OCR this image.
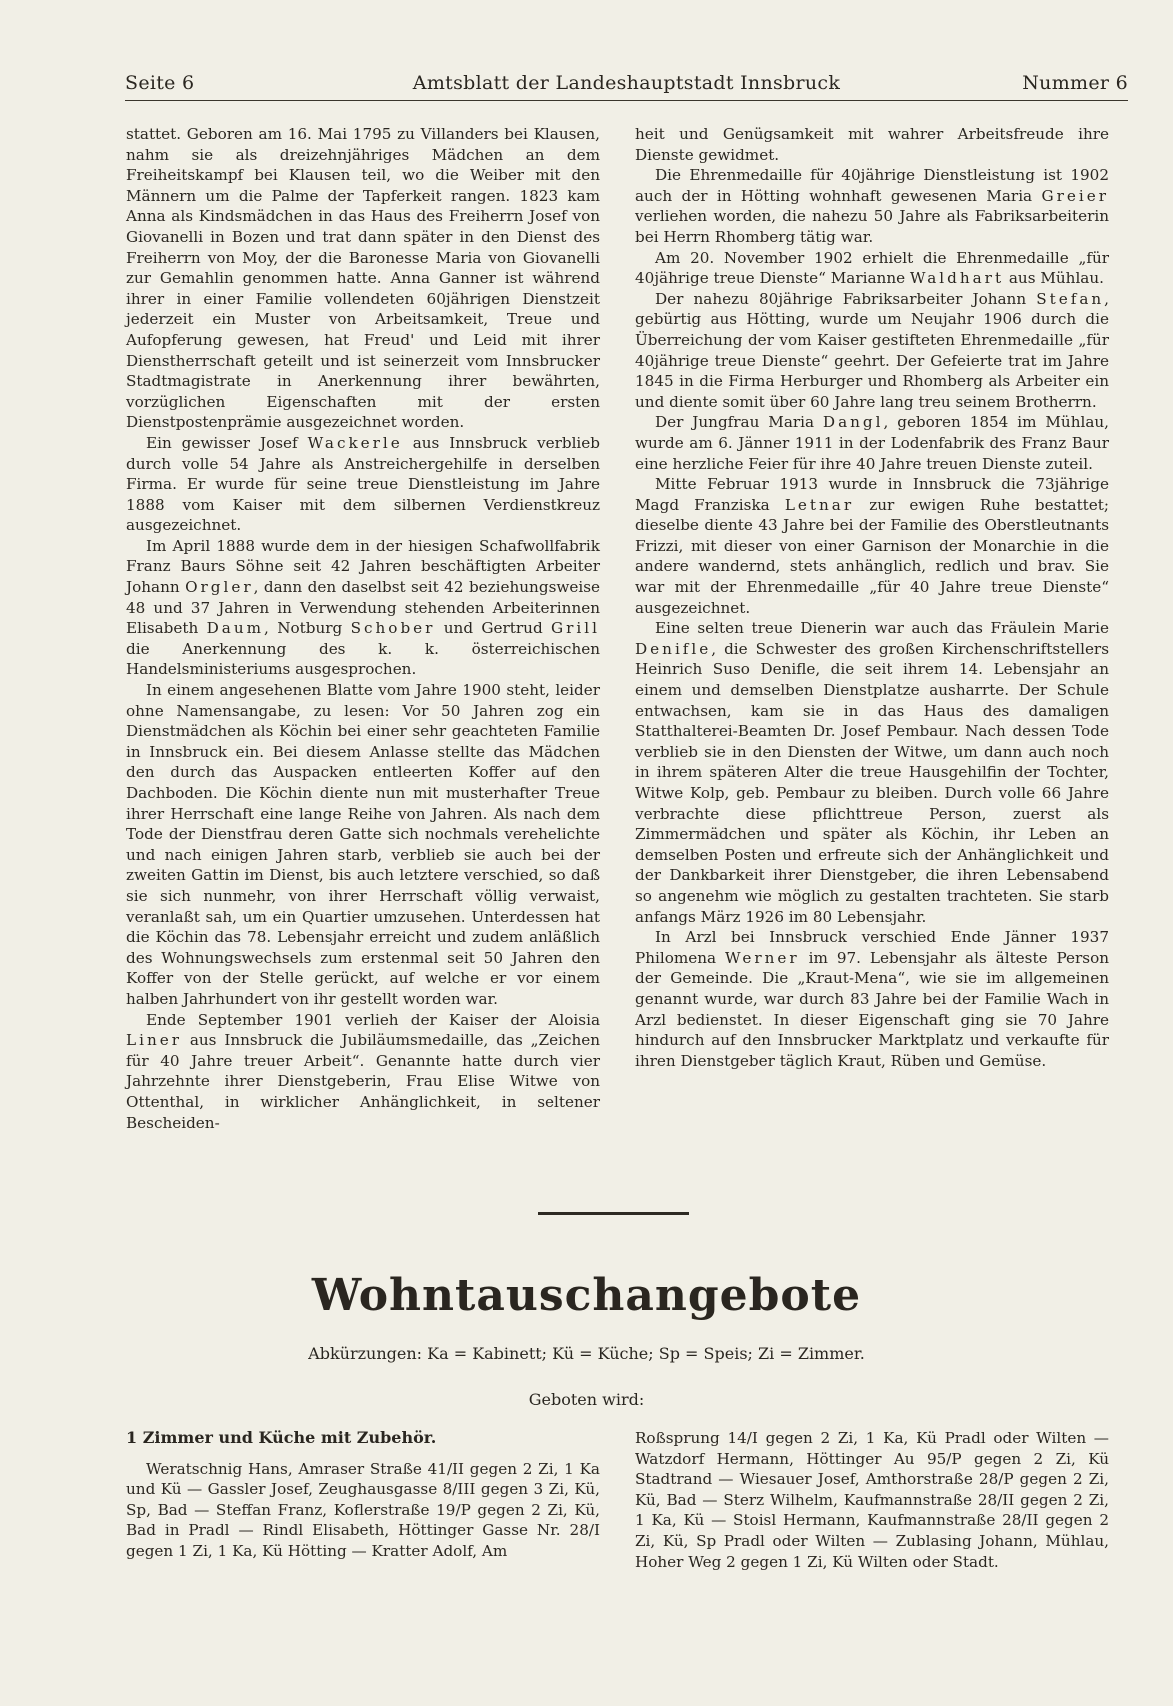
Amtsblatt der Landeshauptstadt Innsbruck
Seite 6	Nummer 6

stattet. Geboren am 16. Mai 1795 zu Villanders bei Klausen, nahm sie als dreizehnjähriges Mädchen an dem Freiheitskampf bei Klausen teil, wo die Weiber mit den Männern um die Palme der Tapferkeit rangen. 1823 kam Anna als Kindsmädchen in das Haus des Freiherrn Josef von Giovanelli in Bozen und trat dann später in den Dienst des Freiherrn von Moy, der die Baronesse Maria von Giovanelli zur Gemahlin genommen hatte. Anna Ganner ist während ihrer in einer Familie vollendeten 60jährigen Dienstzeit jederzeit ein Muster von Arbeitsamkeit, Treue und Aufopferung gewesen, hat Freud' und Leid mit ihrer Dienstherrschaft geteilt und ist seinerzeit vom Innsbrucker Stadtmagistrate in Anerkennung ihrer bewährten, vorzüglichen Eigenschaften mit der ersten Dienstpostenprämie ausgezeichnet worden.

Ein gewisser Josef Wackerle aus Innsbruck verblieb durch volle 54 Jahre als Anstreichergehilfe in derselben Firma. Er wurde für seine treue Dienstleistung im Jahre 1888 vom Kaiser mit dem silbernen Verdienstkreuz ausgezeichnet.

Im April 1888 wurde dem in der hiesigen Schafwollfabrik Franz Baurs Söhne seit 42 Jahren beschäftigten Arbeiter Johann Orgler, dann den daselbst seit 42 beziehungsweise 48 und 37 Jahren in Verwendung stehenden Arbeiterinnen Elisabeth Daum, Notburg Schober und Gertrud Grill die Anerkennung des k. k. österreichischen Handelsministeriums ausgesprochen.

In einem angesehenen Blatte vom Jahre 1900 steht, leider ohne Namensangabe, zu lesen: Vor 50 Jahren zog ein Dienstmädchen als Köchin bei einer sehr geachteten Familie in Innsbruck ein. Bei diesem Anlasse stellte das Mädchen den durch das Auspacken entleerten Koffer auf den Dachboden. Die Köchin diente nun mit musterhafter Treue ihrer Herrschaft eine lange Reihe von Jahren. Als nach dem Tode der Dienstfrau deren Gatte sich nochmals verehelichte und nach einigen Jahren starb, verblieb sie auch bei der zweiten Gattin im Dienst, bis auch letztere verschied, so daß sie sich nunmehr, von ihrer Herrschaft völlig verwaist, veranlaßt sah, um ein Quartier umzusehen. Unterdessen hat die Köchin das 78. Lebensjahr erreicht und zudem anläßlich des Wohnungswechsels zum erstenmal seit 50 Jahren den Koffer von der Stelle gerückt, auf welche er vor einem halben Jahrhundert von ihr gestellt worden war.

Ende September 1901 verlieh der Kaiser der Aloisia Liner aus Innsbruck die Jubiläumsmedaille, das „Zeichen für 40 Jahre treuer Arbeit“. Genannte hatte durch vier Jahrzehnte ihrer Dienstgeberin, Frau Elise Witwe von Ottenthal, in wirklicher Anhänglichkeit, in seltener Bescheiden-

heit und Genügsamkeit mit wahrer Arbeitsfreude ihre Dienste gewidmet.

Die Ehrenmedaille für 40jährige Dienstleistung ist 1902 auch der in Hötting wohnhaft gewesenen Maria Greier verliehen worden, die nahezu 50 Jahre als Fabriksarbeiterin bei Herrn Rhomberg tätig war.

Am 20. November 1902 erhielt die Ehrenmedaille „für 40jährige treue Dienste“ Marianne Waldhart aus Mühlau.

Der nahezu 80jährige Fabriksarbeiter Johann Stefan, gebürtig aus Hötting, wurde um Neujahr 1906 durch die Überreichung der vom Kaiser gestifteten Ehrenmedaille „für 40jährige treue Dienste“ geehrt. Der Gefeierte trat im Jahre 1845 in die Firma Herburger und Rhomberg als Arbeiter ein und diente somit über 60 Jahre lang treu seinem Brotherrn.

Der Jungfrau Maria Dangl, geboren 1854 im Mühlau, wurde am 6. Jänner 1911 in der Lodenfabrik des Franz Baur eine herzliche Feier für ihre 40 Jahre treuen Dienste zuteil.

Mitte Februar 1913 wurde in Innsbruck die 73jährige Magd Franziska Letnar zur ewigen Ruhe bestattet; dieselbe diente 43 Jahre bei der Familie des Oberstleutnants Frizzi, mit dieser von einer Garnison der Monarchie in die andere wandernd, stets anhänglich, redlich und brav. Sie war mit der Ehrenmedaille „für 40 Jahre treue Dienste“ ausgezeichnet.

Eine selten treue Dienerin war auch das Fräulein Marie Denifle, die Schwester des großen Kirchenschriftstellers Heinrich Suso Denifle, die seit ihrem 14. Lebensjahr an einem und demselben Dienstplatze ausharrte. Der Schule entwachsen, kam sie in das Haus des damaligen Statthalterei-Beamten Dr. Josef Pembaur. Nach dessen Tode verblieb sie in den Diensten der Witwe, um dann auch noch in ihrem späteren Alter die treue Hausgehilfin der Tochter, Witwe Kolp, geb. Pembaur zu bleiben. Durch volle 66 Jahre verbrachte diese pflichttreue Person, zuerst als Zimmermädchen und später als Köchin, ihr Leben an demselben Posten und erfreute sich der Anhänglichkeit und der Dankbarkeit ihrer Dienstgeber, die ihren Lebensabend so angenehm wie möglich zu gestalten trachteten. Sie starb anfangs März 1926 im 80 Lebensjahr.

In Arzl bei Innsbruck verschied Ende Jänner 1937 Philomena Werner im 97. Lebensjahr als älteste Person der Gemeinde. Die „Kraut-Mena“, wie sie im allgemeinen genannt wurde, war durch 83 Jahre bei der Familie Wach in Arzl bedienstet. In dieser Eigenschaft ging sie 70 Jahre hindurch auf den Innsbrucker Marktplatz und verkaufte für ihren Dienstgeber täglich Kraut, Rüben und Gemüse.

Wohntauschangebote
Abkürzungen: Ka = Kabinett; Kü = Küche; Sp = Speis; Zi = Zimmer.
Geboten wird:
1 Zimmer und Küche mit Zubehör.

Weratschnig Hans, Amraser Straße 41/II gegen 2 Zi, 1 Ka und Kü — Gassler Josef, Zeughausgasse 8/III gegen 3 Zi, Kü, Sp, Bad — Steffan Franz, Koflerstraße 19/P gegen 2 Zi, Kü, Bad in Pradl — Rindl Elisabeth, Höttinger Gasse Nr. 28/I gegen 1 Zi, 1 Ka, Kü Hötting — Kratter Adolf, Am

Roßsprung 14/I gegen 2 Zi, 1 Ka, Kü Pradl oder Wilten — Watzdorf Hermann, Höttinger Au 95/P gegen 2 Zi, Kü Stadtrand — Wiesauer Josef, Amthorstraße 28/P gegen 2 Zi, Kü, Bad — Sterz Wilhelm, Kaufmannstraße 28/II gegen 2 Zi, 1 Ka, Kü — Stoisl Hermann, Kaufmannstraße 28/II gegen 2 Zi, Kü, Sp Pradl oder Wilten — Zublasing Johann, Mühlau, Hoher Weg 2 gegen 1 Zi, Kü Wilten oder Stadt.
